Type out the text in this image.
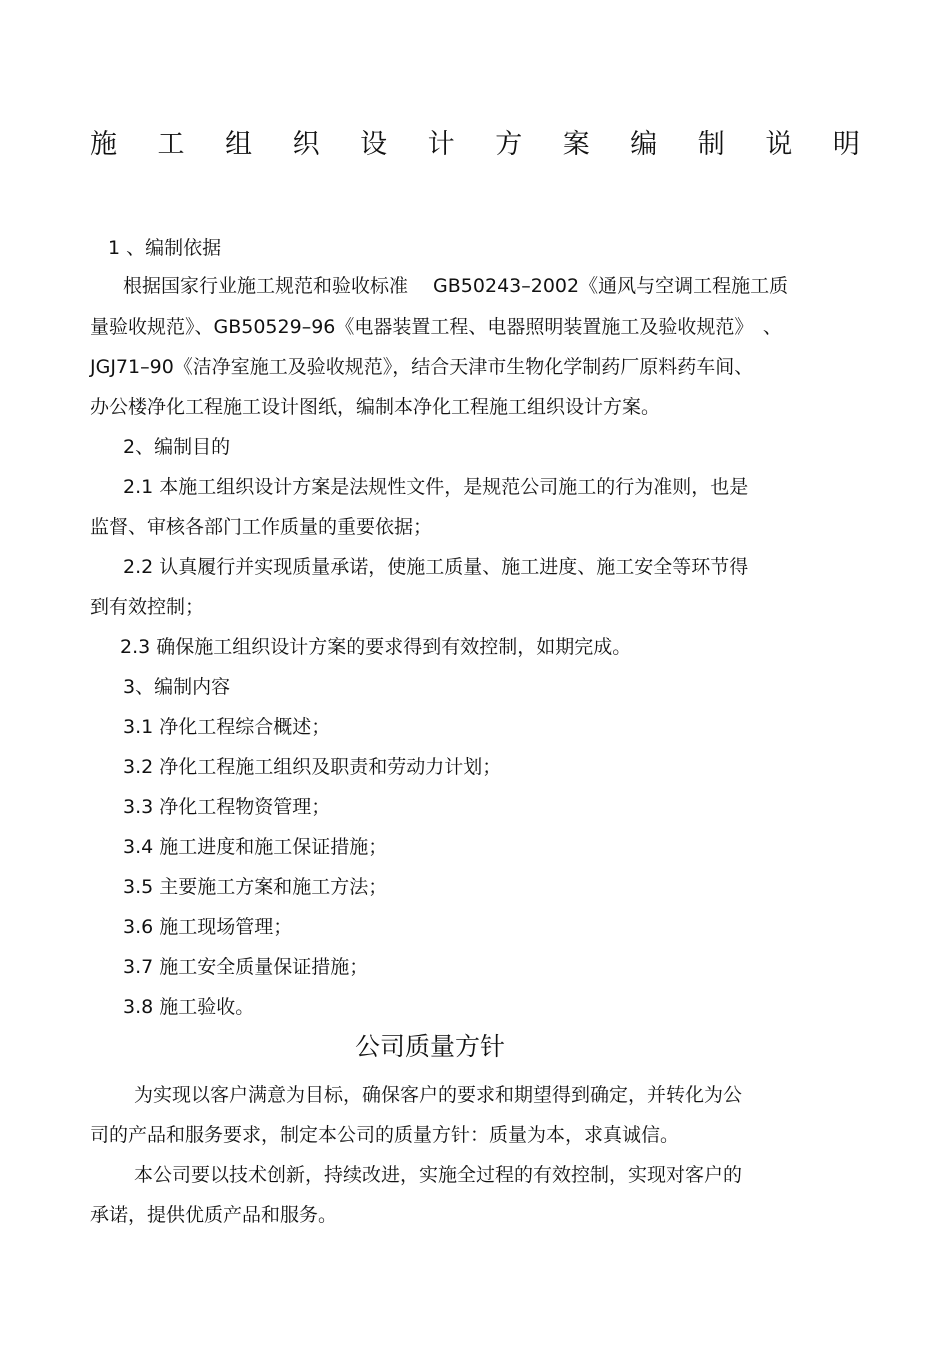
施 工 组 织 设 计 方 案 编 制 说 明
1 、编制依据
根据国家行业施工规范和验收标准　 GB50243–2002《通风与空调工程施工质
量验收规范》、GB50529–96《电器装置工程、电器照明装置施工及验收规范》　、
JGJ71–90《洁净室施工及验收规范》，结合天津市生物化学制药厂原料药车间、
办公楼净化工程施工设计图纸，编制本净化工程施工组织设计方案。
2、编制目的
2.1 本施工组织设计方案是法规性文件，是规范公司施工的行为准则，也是
监督、审核各部门工作质量的重要依据；
2.2 认真履行并实现质量承诺，使施工质量、施工进度、施工安全等环节得
到有效控制；
2.3 确保施工组织设计方案的要求得到有效控制，如期完成。
3、编制内容
3.1 净化工程综合概述；
3.2 净化工程施工组织及职责和劳动力计划；
3.3 净化工程物资管理；
3.4 施工进度和施工保证措施；
3.5 主要施工方案和施工方法；
3.6 施工现场管理；
3.7 施工安全质量保证措施；
3.8 施工验收。
公司质量方针
为实现以客户满意为目标，确保客户的要求和期望得到确定，并转化为公
司的产品和服务要求，制定本公司的质量方针：质量为本，求真诚信。
本公司要以技术创新，持续改进，实施全过程的有效控制，实现对客户的
承诺，提供优质产品和服务。
